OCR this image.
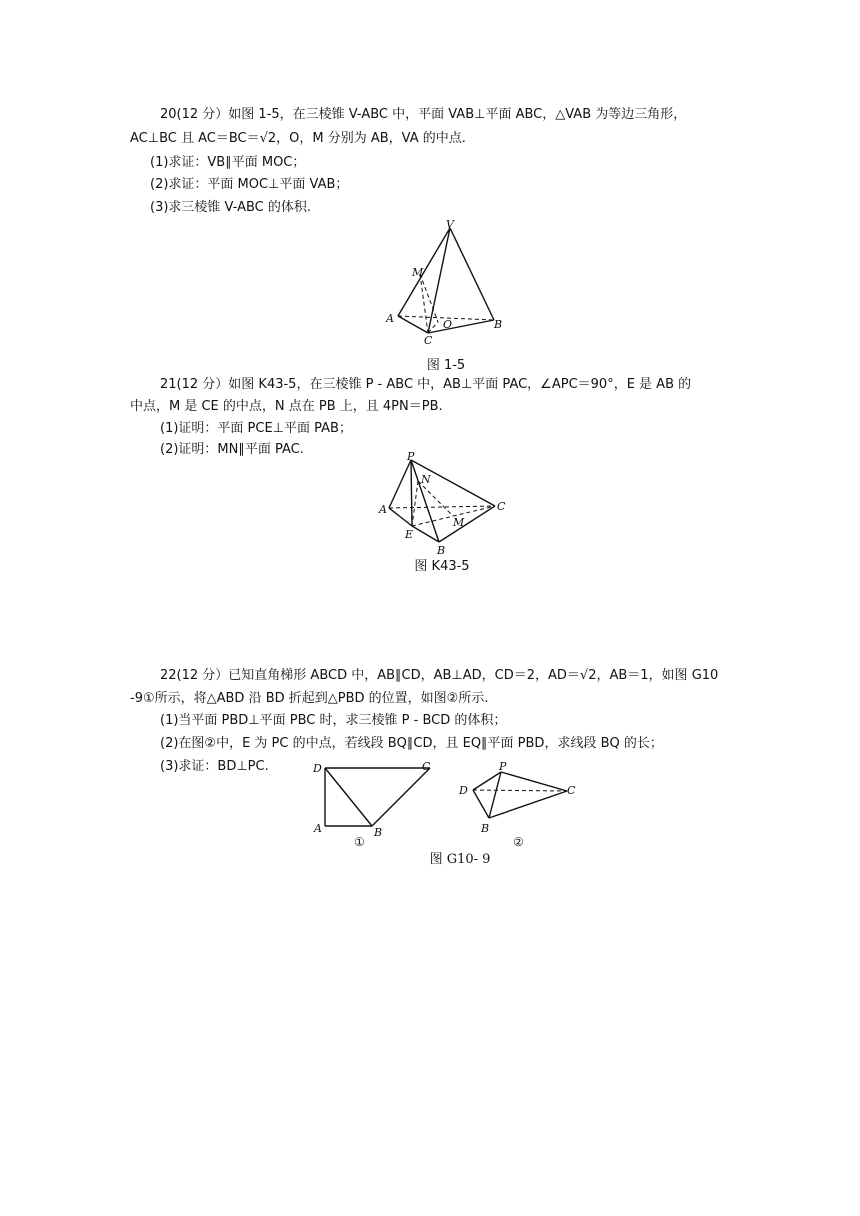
20(12 分）如图 1-5，在三棱锥 V-ABC 中，平面 VAB⊥平面 ABC，△VAB 为等边三角形，
AC⊥BC 且 AC＝BC＝√2，O，M 分别为 AB，VA 的中点.
(1)求证：VB∥平面 MOC；
(2)求证：平面 MOC⊥平面 VAB；
(3)求三棱锥 V-ABC 的体积.
V
M
A	O	B
C
图 1-5
21(12 分）如图 K43-5，在三棱锥 P - ABC 中，AB⊥平面 PAC，∠APC＝90°，E 是 AB 的
中点，M 是 CE 的中点，N 点在 PB 上，且 4PN＝PB.
(1)证明：平面 PCE⊥平面 PAB；
(2)证明：MN∥平面 PAC.	P
N
A	C
M
E
B
图 K43-5
22(12 分）已知直角梯形 ABCD 中，AB∥CD，AB⊥AD，CD＝2，AD＝√2，AB＝1，如图 G10
-9①所示，将△ABD 沿 BD 折起到△PBD 的位置，如图②所示.
(1)当平面 PBD⊥平面 PBC 时，求三棱锥 P - BCD 的体积；
(2)在图②中，E 为 PC 的中点，若线段 BQ∥CD，且 EQ∥平面 PBD，求线段 BQ 的长；
(3)求证：BD⊥PC.	D	C
A	B
①
P
D	C
B
②
图 G10- 9
